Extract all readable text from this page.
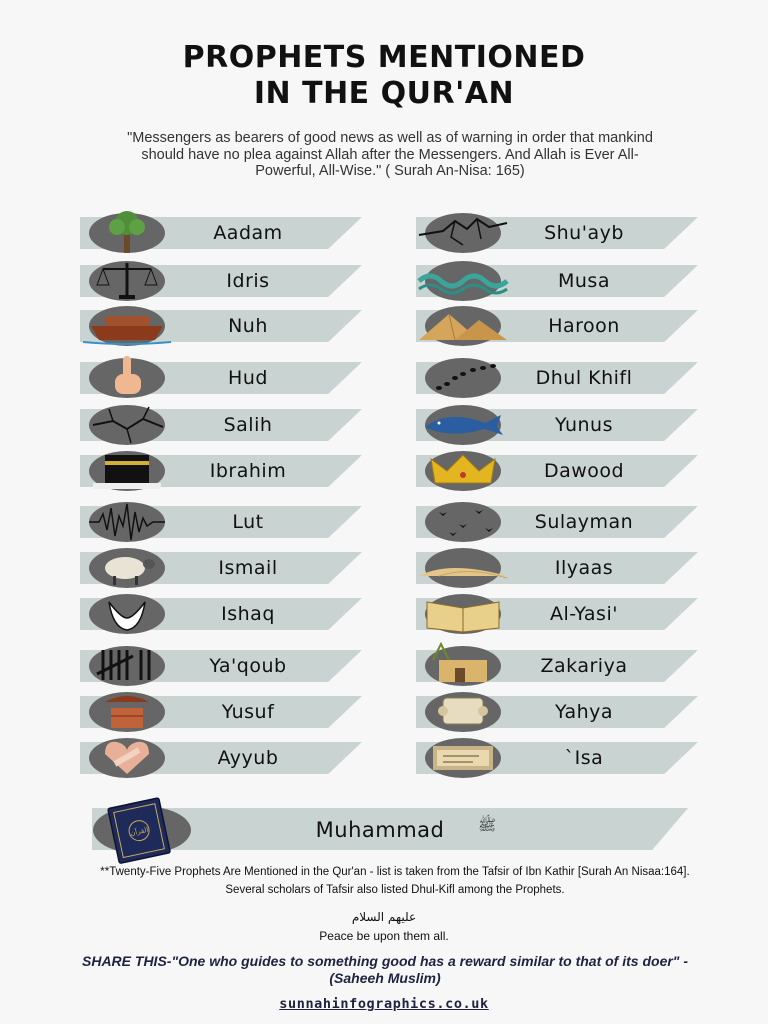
PROPHETS MENTIONED
IN THE QUR'AN
"Messengers as bearers of good news as well as of warning in order that mankind should have no plea against Allah after the Messengers. And Allah is Ever All-Powerful, All-Wise." ( Surah An-Nisa: 165)
Aadam
Idris
Nuh
Hud
Salih
Ibrahim
Lut
Ismail
Ishaq
Ya'qoub
Yusuf
Ayyub
Shu'ayb
Musa
Haroon
Dhul Khifl
Yunus
Dawood
Sulayman
Ilyaas
Al-Yasi'
Zakariya
Yahya
`Isa
القرآن	Muhammad	ﷺ
**Twenty-Five Prophets Are Mentioned in the Qur'an - list is taken from the Tafsir of Ibn Kathir [Surah An Nisaa:164]. Several scholars of Tafsir also listed Dhul-Kifl among the Prophets.
عليهم السلام
Peace be upon them all.
SHARE THIS-"One who guides to something good has a reward similar to that of its doer" - (Saheeh Muslim)
sunnahinfographics.co.uk
